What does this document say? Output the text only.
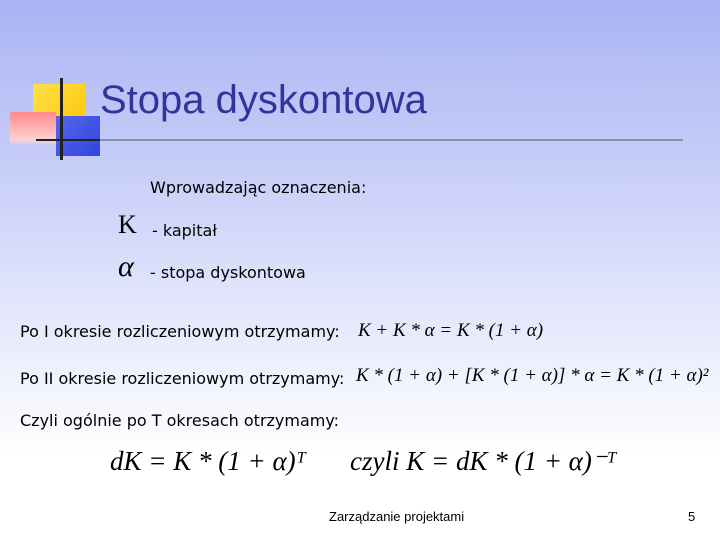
Stopa dyskontowa
Wprowadzając oznaczenia:
K - kapitał
α - stopa dyskontowa
Po I okresie rozliczeniowym otrzymamy: K + K * α = K * (1 + α)
Po II okresie rozliczeniowym otrzymamy: K * (1 + α) + [K * (1 + α)] * α = K * (1 + α)²
Czyli ogólnie po T okresach otrzymamy:
dK = K * (1 + α)ᵀ czyli K = dK * (1 + α)⁻ᵀ
Zarządzanie projektami	5
